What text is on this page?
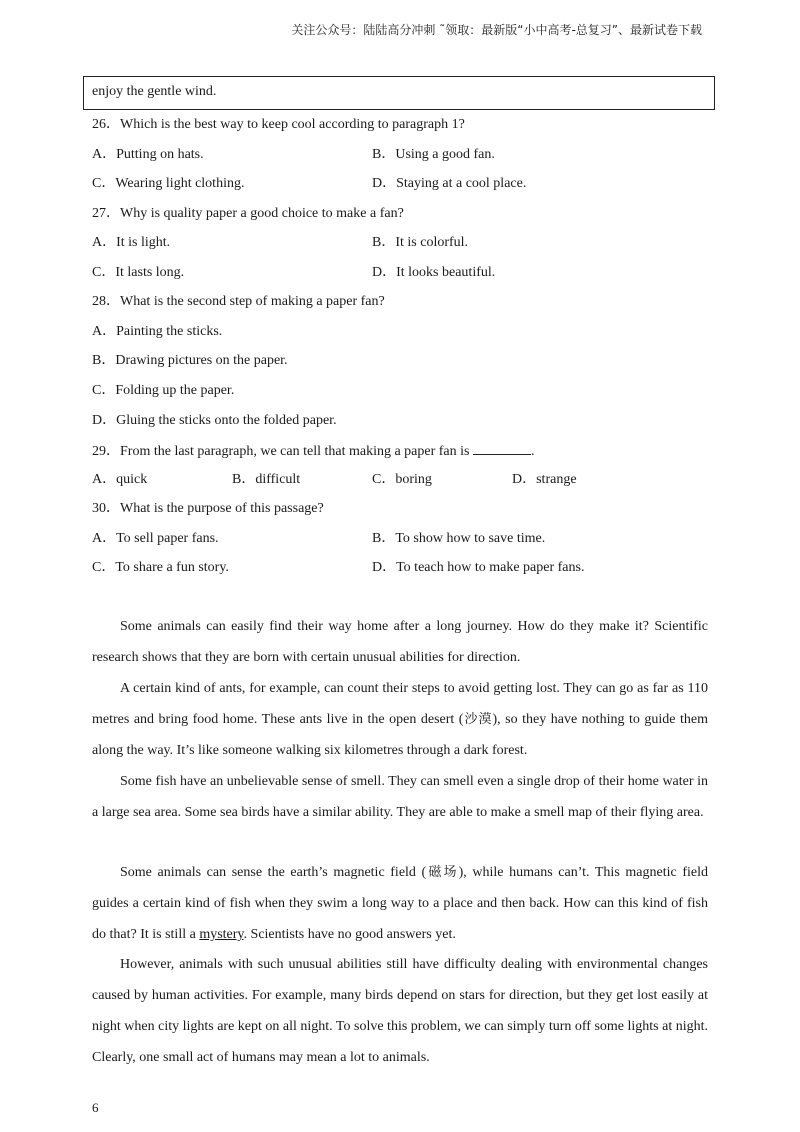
关注公众号：陆陆高分冲刺 ˜领取：最新版“小中高考-总复习”、最新试卷下载
enjoy the gentle wind.
26．Which is the best way to keep cool according to paragraph 1?
A．Putting on hats.	B．Using a good fan.
C．Wearing light clothing.	D．Staying at a cool place.
27．Why is quality paper a good choice to make a fan?
A．It is light.	B．It is colorful.
C．It lasts long.	D．It looks beautiful.
28．What is the second step of making a paper fan?
A．Painting the sticks.
B．Drawing pictures on the paper.
C．Folding up the paper.
D．Gluing the sticks onto the folded paper.
29．From the last paragraph, we can tell that making a paper fan is	.
A．quick	B．difficult	C．boring	D．strange
30．What is the purpose of this passage?
A．To sell paper fans.	B．To show how to save time.
C．To share a fun story.	D．To teach how to make paper fans.

Some animals can easily find their way home after a long journey. How do they make it? Scientific research shows that they are born with certain unusual abilities for direction.

A certain kind of ants, for example, can count their steps to avoid getting lost. They can go as far as 110 metres and bring food home. These ants live in the open desert (沙漠), so they have nothing to guide them along the way. It’s like someone walking six kilometres through a dark forest.

Some fish have an unbelievable sense of smell. They can smell even a single drop of their home water in a large sea area. Some sea birds have a similar ability. They are able to make a smell map of their flying area.

Some animals can sense the earth’s magnetic field (磁场), while humans can’t. This magnetic field guides a certain kind of fish when they swim a long way to a place and then back. How can this kind of fish do that? It is still a mystery. Scientists have no good answers yet.

However, animals with such unusual abilities still have difficulty dealing with environmental changes caused by human activities. For example, many birds depend on stars for direction, but they get lost easily at night when city lights are kept on all night. To solve this problem, we can simply turn off some lights at night. Clearly, one small act of humans may mean a lot to animals.

6
